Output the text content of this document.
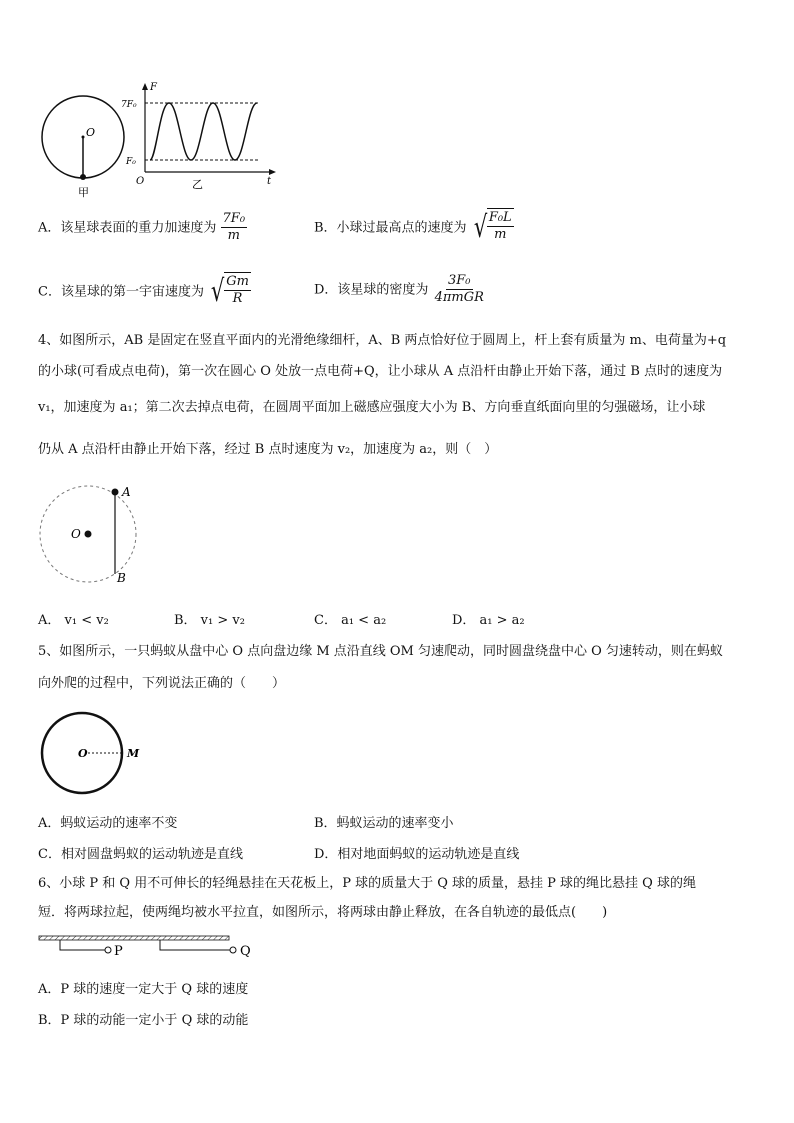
O
甲
F
t
O
7F₀
F₀
乙
A．该星球表面的重力加速度为 $\frac{\text{7F₀}}{m}$	B．小球过最高点的速度为 √ $\frac{\text{F₀L}}{m}$
C．该星球的第一宇宙速度为 √ $\frac{Gm}{R}$	D．该星球的密度为 $\frac{\text{3F₀}}{\text{4πmGR}}$
4、如图所示，AB 是固定在竖直平面内的光滑绝缘细杆，A、B 两点恰好位于圆周上，杆上套有质量为 m、电荷量为+q
的小球(可看成点电荷)，第一次在圆心 O 处放一点电荷+Q，让小球从 A 点沿杆由静止开始下落，通过 B 点时的速度为
v₁，加速度为 a₁；第二次去掉点电荷，在圆周平面加上磁感应强度大小为 B、方向垂直纸面向里的匀强磁场，让小球
仍从 A 点沿杆由静止开始下落，经过 B 点时速度为 v₂，加速度为 a₂，则（　）
O
A
B
A． v₁ < v₂	B． v₁ > v₂	C． a₁ < a₂	D． a₁ > a₂
5、如图所示，一只蚂蚁从盘中心 O 点向盘边缘 M 点沿直线 OM 匀速爬动，同时圆盘绕盘中心 O 匀速转动，则在蚂蚁
向外爬的过程中，下列说法正确的（　　）
O	M
A．蚂蚁运动的速率不变	B．蚂蚁运动的速率变小
C．相对圆盘蚂蚁的运动轨迹是直线	D．相对地面蚂蚁的运动轨迹是直线
6、小球 P 和 Q 用不可伸长的轻绳悬挂在天花板上，P 球的质量大于 Q 球的质量，悬挂 P 球的绳比悬挂 Q 球的绳
短．将两球拉起，使两绳均被水平拉直，如图所示，将两球由静止释放，在各自轨迹的最低点(　　)
P	Q
A．P 球的速度一定大于 Q 球的速度
B．P 球的动能一定小于 Q 球的动能
